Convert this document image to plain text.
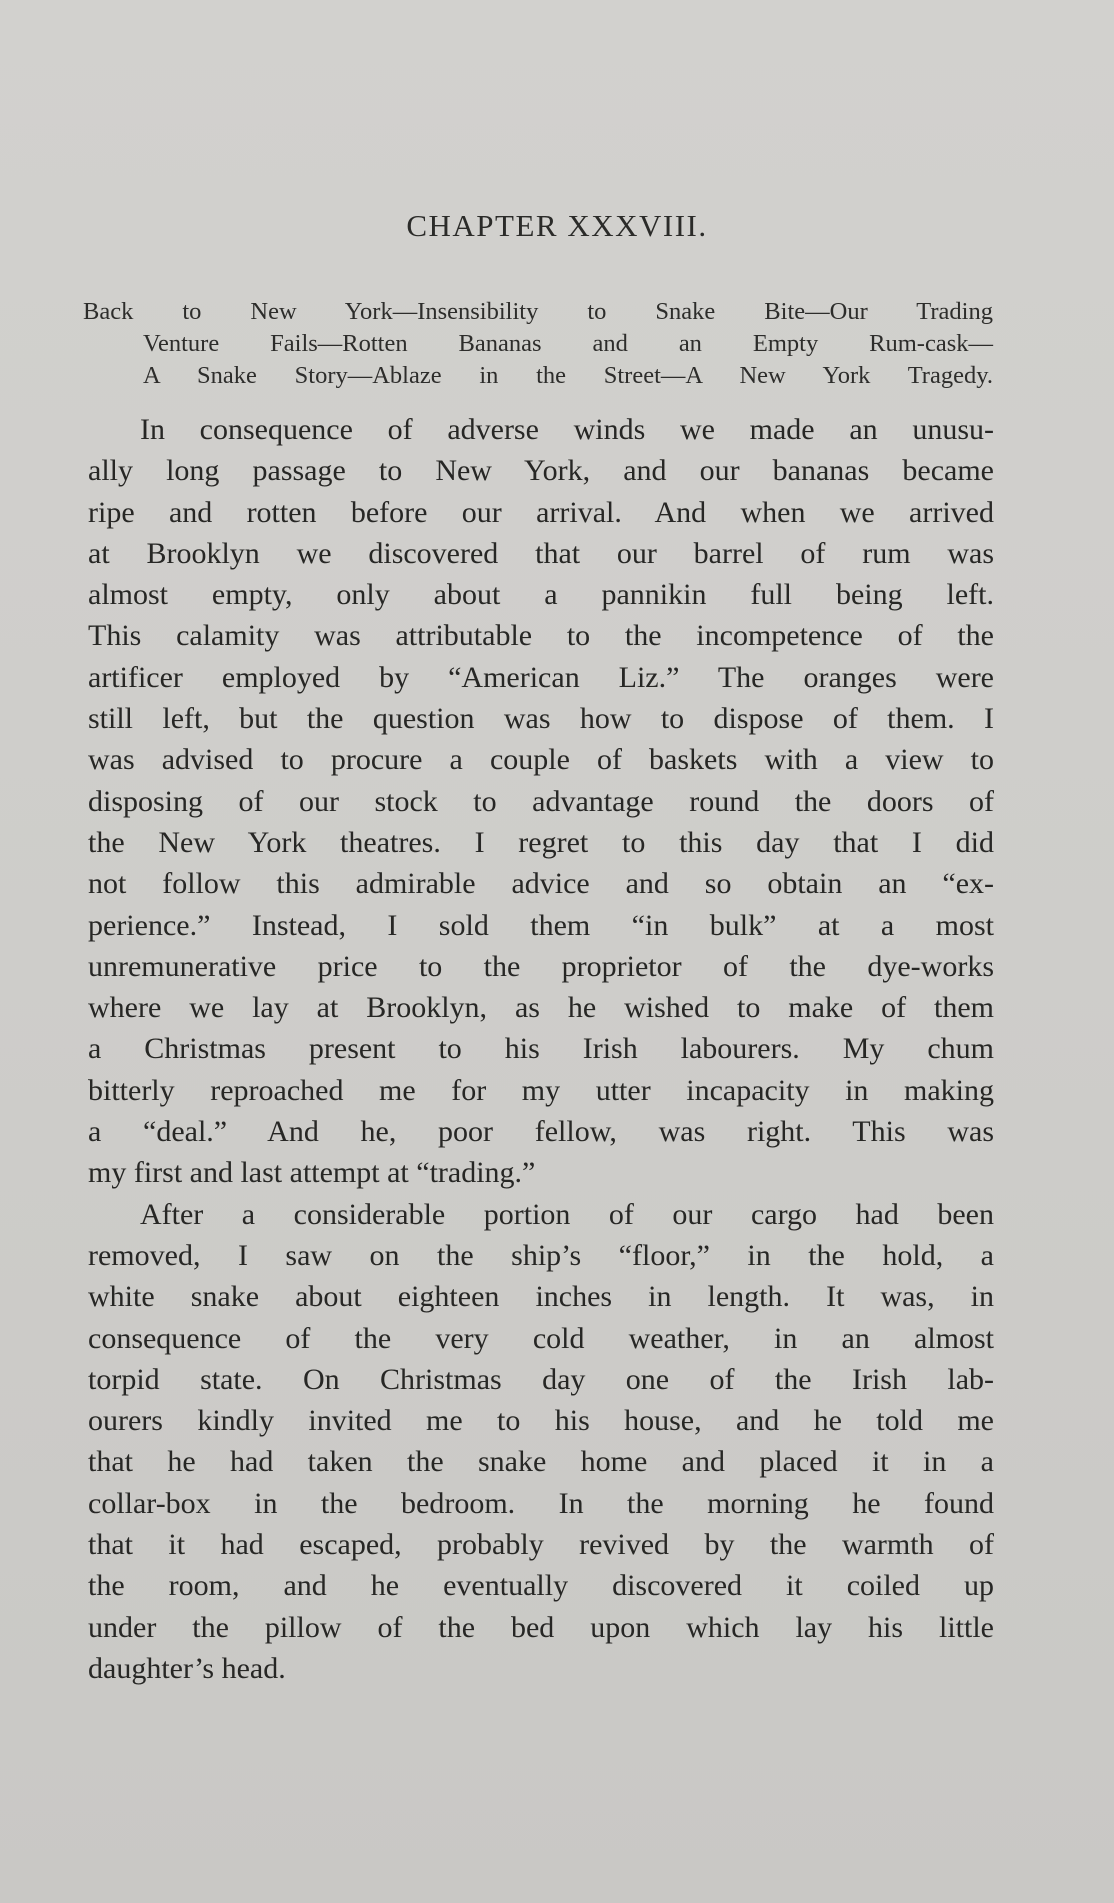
CHAPTER XXXVIII.
Back to New York—Insensibility to Snake Bite—Our Trading
Venture Fails—Rotten Bananas and an Empty Rum-cask—
A Snake Story—Ablaze in the Street—A New York Tragedy.
In consequence of adverse winds we made an unusu-
ally long passage to New York, and our bananas became
ripe and rotten before our arrival. And when we arrived
at Brooklyn we discovered that our barrel of rum was
almost empty, only about a pannikin full being left.
This calamity was attributable to the incompetence of the
artificer employed by “American Liz.” The oranges were
still left, but the question was how to dispose of them. I
was advised to procure a couple of baskets with a view to
disposing of our stock to advantage round the doors of
the New York theatres. I regret to this day that I did
not follow this admirable advice and so obtain an “ex-
perience.” Instead, I sold them “in bulk” at a most
unremunerative price to the proprietor of the dye-works
where we lay at Brooklyn, as he wished to make of them
a Christmas present to his Irish labourers. My chum
bitterly reproached me for my utter incapacity in making
a “deal.” And he, poor fellow, was right. This was
my first and last attempt at “trading.”
After a considerable portion of our cargo had been
removed, I saw on the ship’s “floor,” in the hold, a
white snake about eighteen inches in length. It was, in
consequence of the very cold weather, in an almost
torpid state. On Christmas day one of the Irish lab-
ourers kindly invited me to his house, and he told me
that he had taken the snake home and placed it in a
collar-box in the bedroom. In the morning he found
that it had escaped, probably revived by the warmth of
the room, and he eventually discovered it coiled up
under the pillow of the bed upon which lay his little
daughter’s head.
